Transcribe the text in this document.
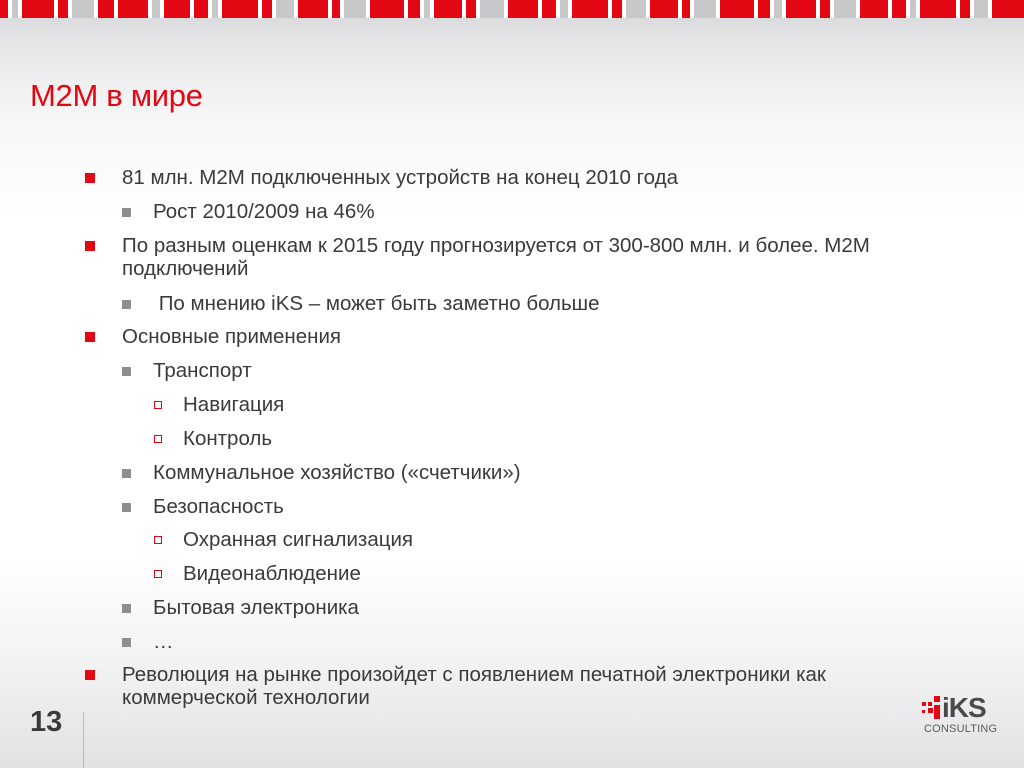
М2М в мире
81 млн. М2М подключенных устройств на конец 2010 года
Рост 2010/2009 на 46%
По разным оценкам к 2015 году прогнозируется от 300-800 млн. и более. М2М
подключений
По мнению iKS – может быть заметно больше
Основные применения
Транспорт
Навигация
Контроль
Коммунальное хозяйство («счетчики»)
Безопасность
Охранная сигнализация
Видеонаблюдение
Бытовая электроника
…
Революция на рынке произойдет с появлением печатной электроники как
коммерческой технологии
13	iKS
CONSULTING
